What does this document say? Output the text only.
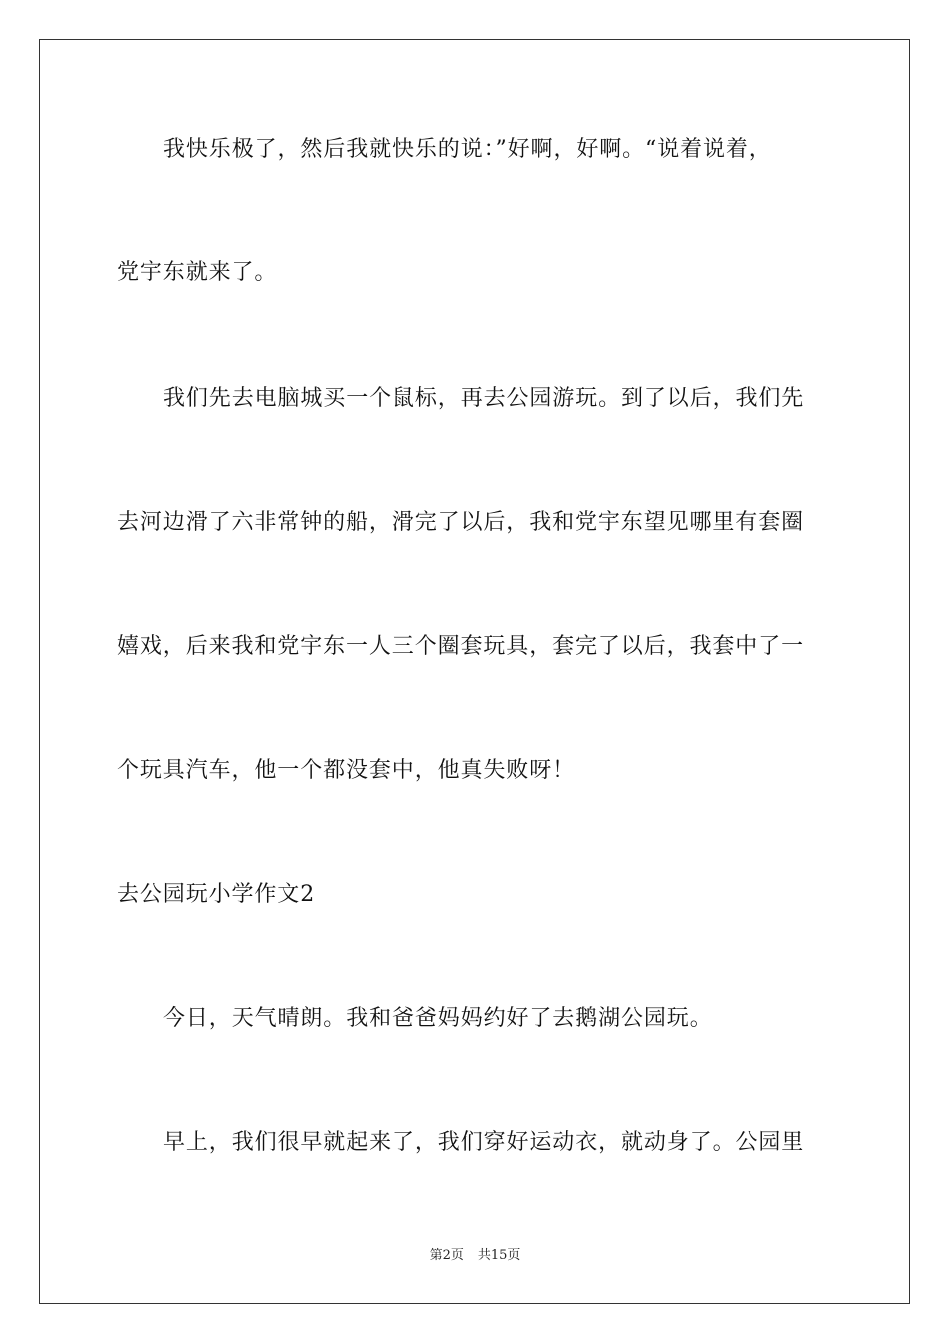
我快乐极了，然后我就快乐的说：”好啊，好啊。“说着说着，
党宇东就来了。
我们先去电脑城买一个鼠标，再去公园游玩。到了以后，我们先
去河边滑了六非常钟的船，滑完了以后，我和党宇东望见哪里有套圈
嬉戏，后来我和党宇东一人三个圈套玩具，套完了以后，我套中了一
个玩具汽车，他一个都没套中，他真失败呀！
去公园玩小学作文2
今日，天气晴朗。我和爸爸妈妈约好了去鹅湖公园玩。
早上，我们很早就起来了，我们穿好运动衣，就动身了。公园里
第2页 共15页
